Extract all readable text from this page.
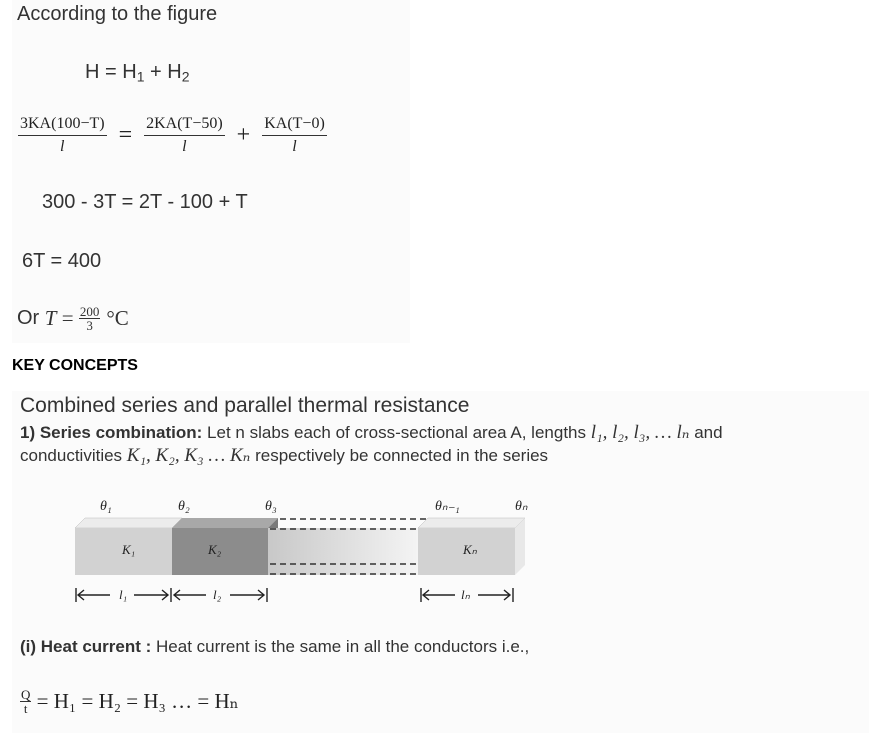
According to the figure
$H = H_1 + H_2$
$\frac{3KA(100-T)}{l} = \frac{2KA(T-50)}{l} + \frac{KA(T-0)}{l}$
300 - 3T = 2T - 100 + T
6T = 400
Or $T = \frac{200}{3} ^\circ C$
KEY CONCEPTS
Combined series and parallel thermal resistance
1) Series combination: Let n slabs each of cross-sectional area A, lengths l₁, l₂, l₃, … lₙ and
conductivities K₁, K₂, K₃ … Kₙ respectively be connected in the series
θ₁	θ₂	θ₃	θₙ₋₁	θₙ
K₁	K₂	Kₙ
l₁	l₂	lₙ
(i) Heat current : Heat current is the same in all the conductors i.e.,
$\frac{Q}{t} = H_1 = H_2 = H_3$ … = Hₙ
